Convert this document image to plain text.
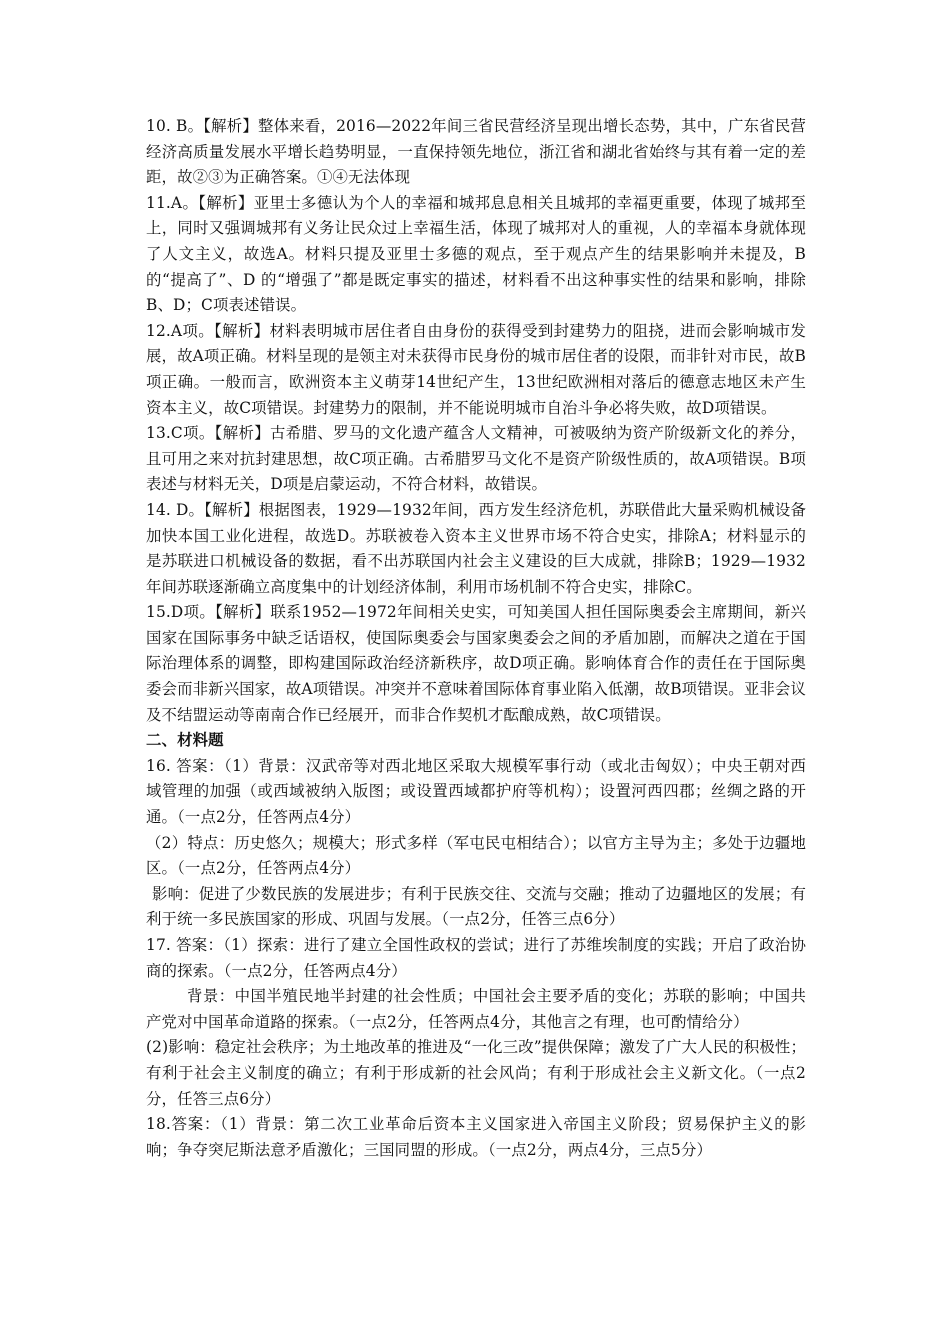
10. B。【解析】整体来看，2016—2022年间三省民营经济呈现出增长态势，其中，广东省民营经济高质量发展水平增长趋势明显，一直保持领先地位，浙江省和湖北省始终与其有着一定的差距，故②③为正确答案。①④无法体现

11.A。【解析】亚里士多德认为个人的幸福和城邦息息相关且城邦的幸福更重要，体现了城邦至上，同时又强调城邦有义务让民众过上幸福生活，体现了城邦对人的重视，人的幸福本身就体现了人文主义，故选A。材料只提及亚里士多德的观点，至于观点产生的结果影响并未提及，B的“提高了”、D 的“增强了”都是既定事实的描述，材料看不出这种事实性的结果和影响，排除B、D；C项表述错误。

12.A项。【解析】材料表明城市居住者自由身份的获得受到封建势力的阻挠，进而会影响城市发展，故A项正确。材料呈现的是领主对未获得市民身份的城市居住者的设限，而非针对市民，故B项正确。一般而言，欧洲资本主义萌芽14世纪产生，13世纪欧洲相对落后的德意志地区未产生资本主义，故C项错误。封建势力的限制，并不能说明城市自治斗争必将失败，故D项错误。

13.C项。【解析】古希腊、罗马的文化遗产蕴含人文精神，可被吸纳为资产阶级新文化的养分，且可用之来对抗封建思想，故C项正确。古希腊罗马文化不是资产阶级性质的，故A项错误。B项表述与材料无关，D项是启蒙运动，不符合材料，故错误。

14. D。【解析】根据图表，1929—1932年间，西方发生经济危机，苏联借此大量采购机械设备加快本国工业化进程，故选D。苏联被卷入资本主义世界市场不符合史实，排除A；材料显示的是苏联进口机械设备的数据，看不出苏联国内社会主义建设的巨大成就，排除B；1929—1932年间苏联逐渐确立高度集中的计划经济体制，利用市场机制不符合史实，排除C。

15.D项。【解析】联系1952—1972年间相关史实，可知美国人担任国际奥委会主席期间，新兴国家在国际事务中缺乏话语权，使国际奥委会与国家奥委会之间的矛盾加剧，而解决之道在于国际治理体系的调整，即构建国际政治经济新秩序，故D项正确。影响体育合作的责任在于国际奥委会而非新兴国家，故A项错误。冲突并不意味着国际体育事业陷入低潮，故B项错误。亚非会议及不结盟运动等南南合作已经展开，而非合作契机才酝酿成熟，故C项错误。

二、材料题

16. 答案：（1）背景：汉武帝等对西北地区采取大规模军事行动（或北击匈奴）；中央王朝对西域管理的加强（或西域被纳入版图；或设置西域都护府等机构）；设置河西四郡；丝绸之路的开通。（一点2分，任答两点4分）

（2）特点：历史悠久；规模大；形式多样（军屯民屯相结合）；以官方主导为主；多处于边疆地区。（一点2分，任答两点4分）

影响：促进了少数民族的发展进步；有利于民族交往、交流与交融；推动了边疆地区的发展；有利于统一多民族国家的形成、巩固与发展。（一点2分，任答三点6分）

17. 答案：（1）探索：进行了建立全国性政权的尝试；进行了苏维埃制度的实践；开启了政治协商的探索。（一点2分，任答两点4分）

背景：中国半殖民地半封建的社会性质；中国社会主要矛盾的变化；苏联的影响；中国共产党对中国革命道路的探索。（一点2分，任答两点4分，其他言之有理，也可酌情给分）

(2)影响：稳定社会秩序；为土地改革的推进及“一化三改”提供保障；激发了广大人民的积极性；有利于社会主义制度的确立；有利于形成新的社会风尚；有利于形成社会主义新文化。（一点2分，任答三点6分）

18.答案：（1）背景：第二次工业革命后资本主义国家进入帝国主义阶段；贸易保护主义的影响；争夺突尼斯法意矛盾激化；三国同盟的形成。（一点2分，两点4分，三点5分）
